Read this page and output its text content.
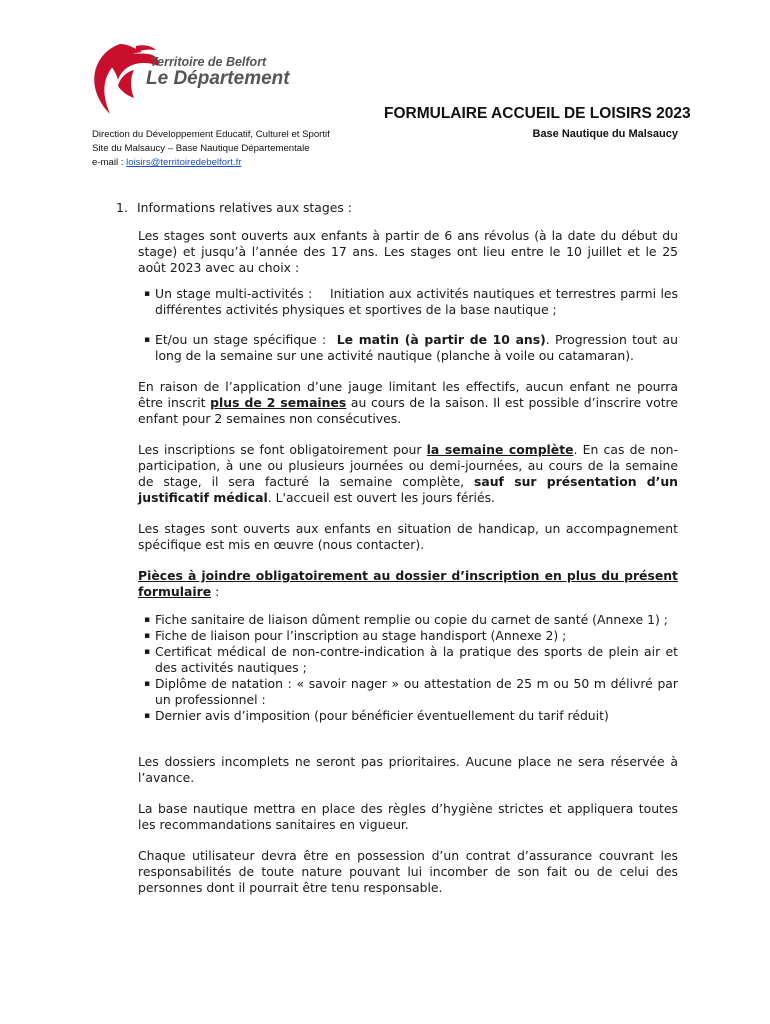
Territoire de Belfort
Le Département
FORMULAIRE ACCUEIL DE LOISIRS 2023
Base Nautique du Malsaucy
Direction du Développement Educatif, Culturel et Sportif
Site du Malsaucy – Base Nautique Départementale
e-mail : loisirs@territoiredebelfort.fr
1. Informations relatives aux stages :

Les stages sont ouverts aux enfants à partir de 6 ans révolus (à la date du début du stage) et jusqu’à l’année des 17 ans. Les stages ont lieu entre le 10 juillet et le 25 août 2023 avec au choix :

▪ Un stage multi-activités : Initiation aux activités nautiques et terrestres parmi les différentes activités physiques et sportives de la base nautique ;
▪ Et/ou un stage spécifique : Le matin (à partir de 10 ans). Progression tout au long de la semaine sur une activité nautique (planche à voile ou catamaran).

En raison de l’application d’une jauge limitant les effectifs, aucun enfant ne pourra être inscrit plus de 2 semaines au cours de la saison. Il est possible d’inscrire votre enfant pour 2 semaines non consécutives.

Les inscriptions se font obligatoirement pour la semaine complète. En cas de non-participation, à une ou plusieurs journées ou demi-journées, au cours de la semaine de stage, il sera facturé la semaine complète, sauf sur présentation d’un justificatif médical. L'accueil est ouvert les jours fériés.

Les stages sont ouverts aux enfants en situation de handicap, un accompagnement spécifique est mis en œuvre (nous contacter).

Pièces à joindre obligatoirement au dossier d’inscription en plus du présent formulaire :

▪ Fiche sanitaire de liaison dûment remplie ou copie du carnet de santé (Annexe 1) ;
▪ Fiche de liaison pour l’inscription au stage handisport (Annexe 2) ;
▪ Certificat médical de non-contre-indication à la pratique des sports de plein air et des activités nautiques ;
▪ Diplôme de natation : « savoir nager » ou attestation de 25 m ou 50 m délivré par un professionnel :
▪ Dernier avis d’imposition (pour bénéficier éventuellement du tarif réduit)

Les dossiers incomplets ne seront pas prioritaires. Aucune place ne sera réservée à l’avance.

La base nautique mettra en place des règles d’hygiène strictes et appliquera toutes les recommandations sanitaires en vigueur.

Chaque utilisateur devra être en possession d’un contrat d’assurance couvrant les responsabilités de toute nature pouvant lui incomber de son fait ou de celui des personnes dont il pourrait être tenu responsable.
